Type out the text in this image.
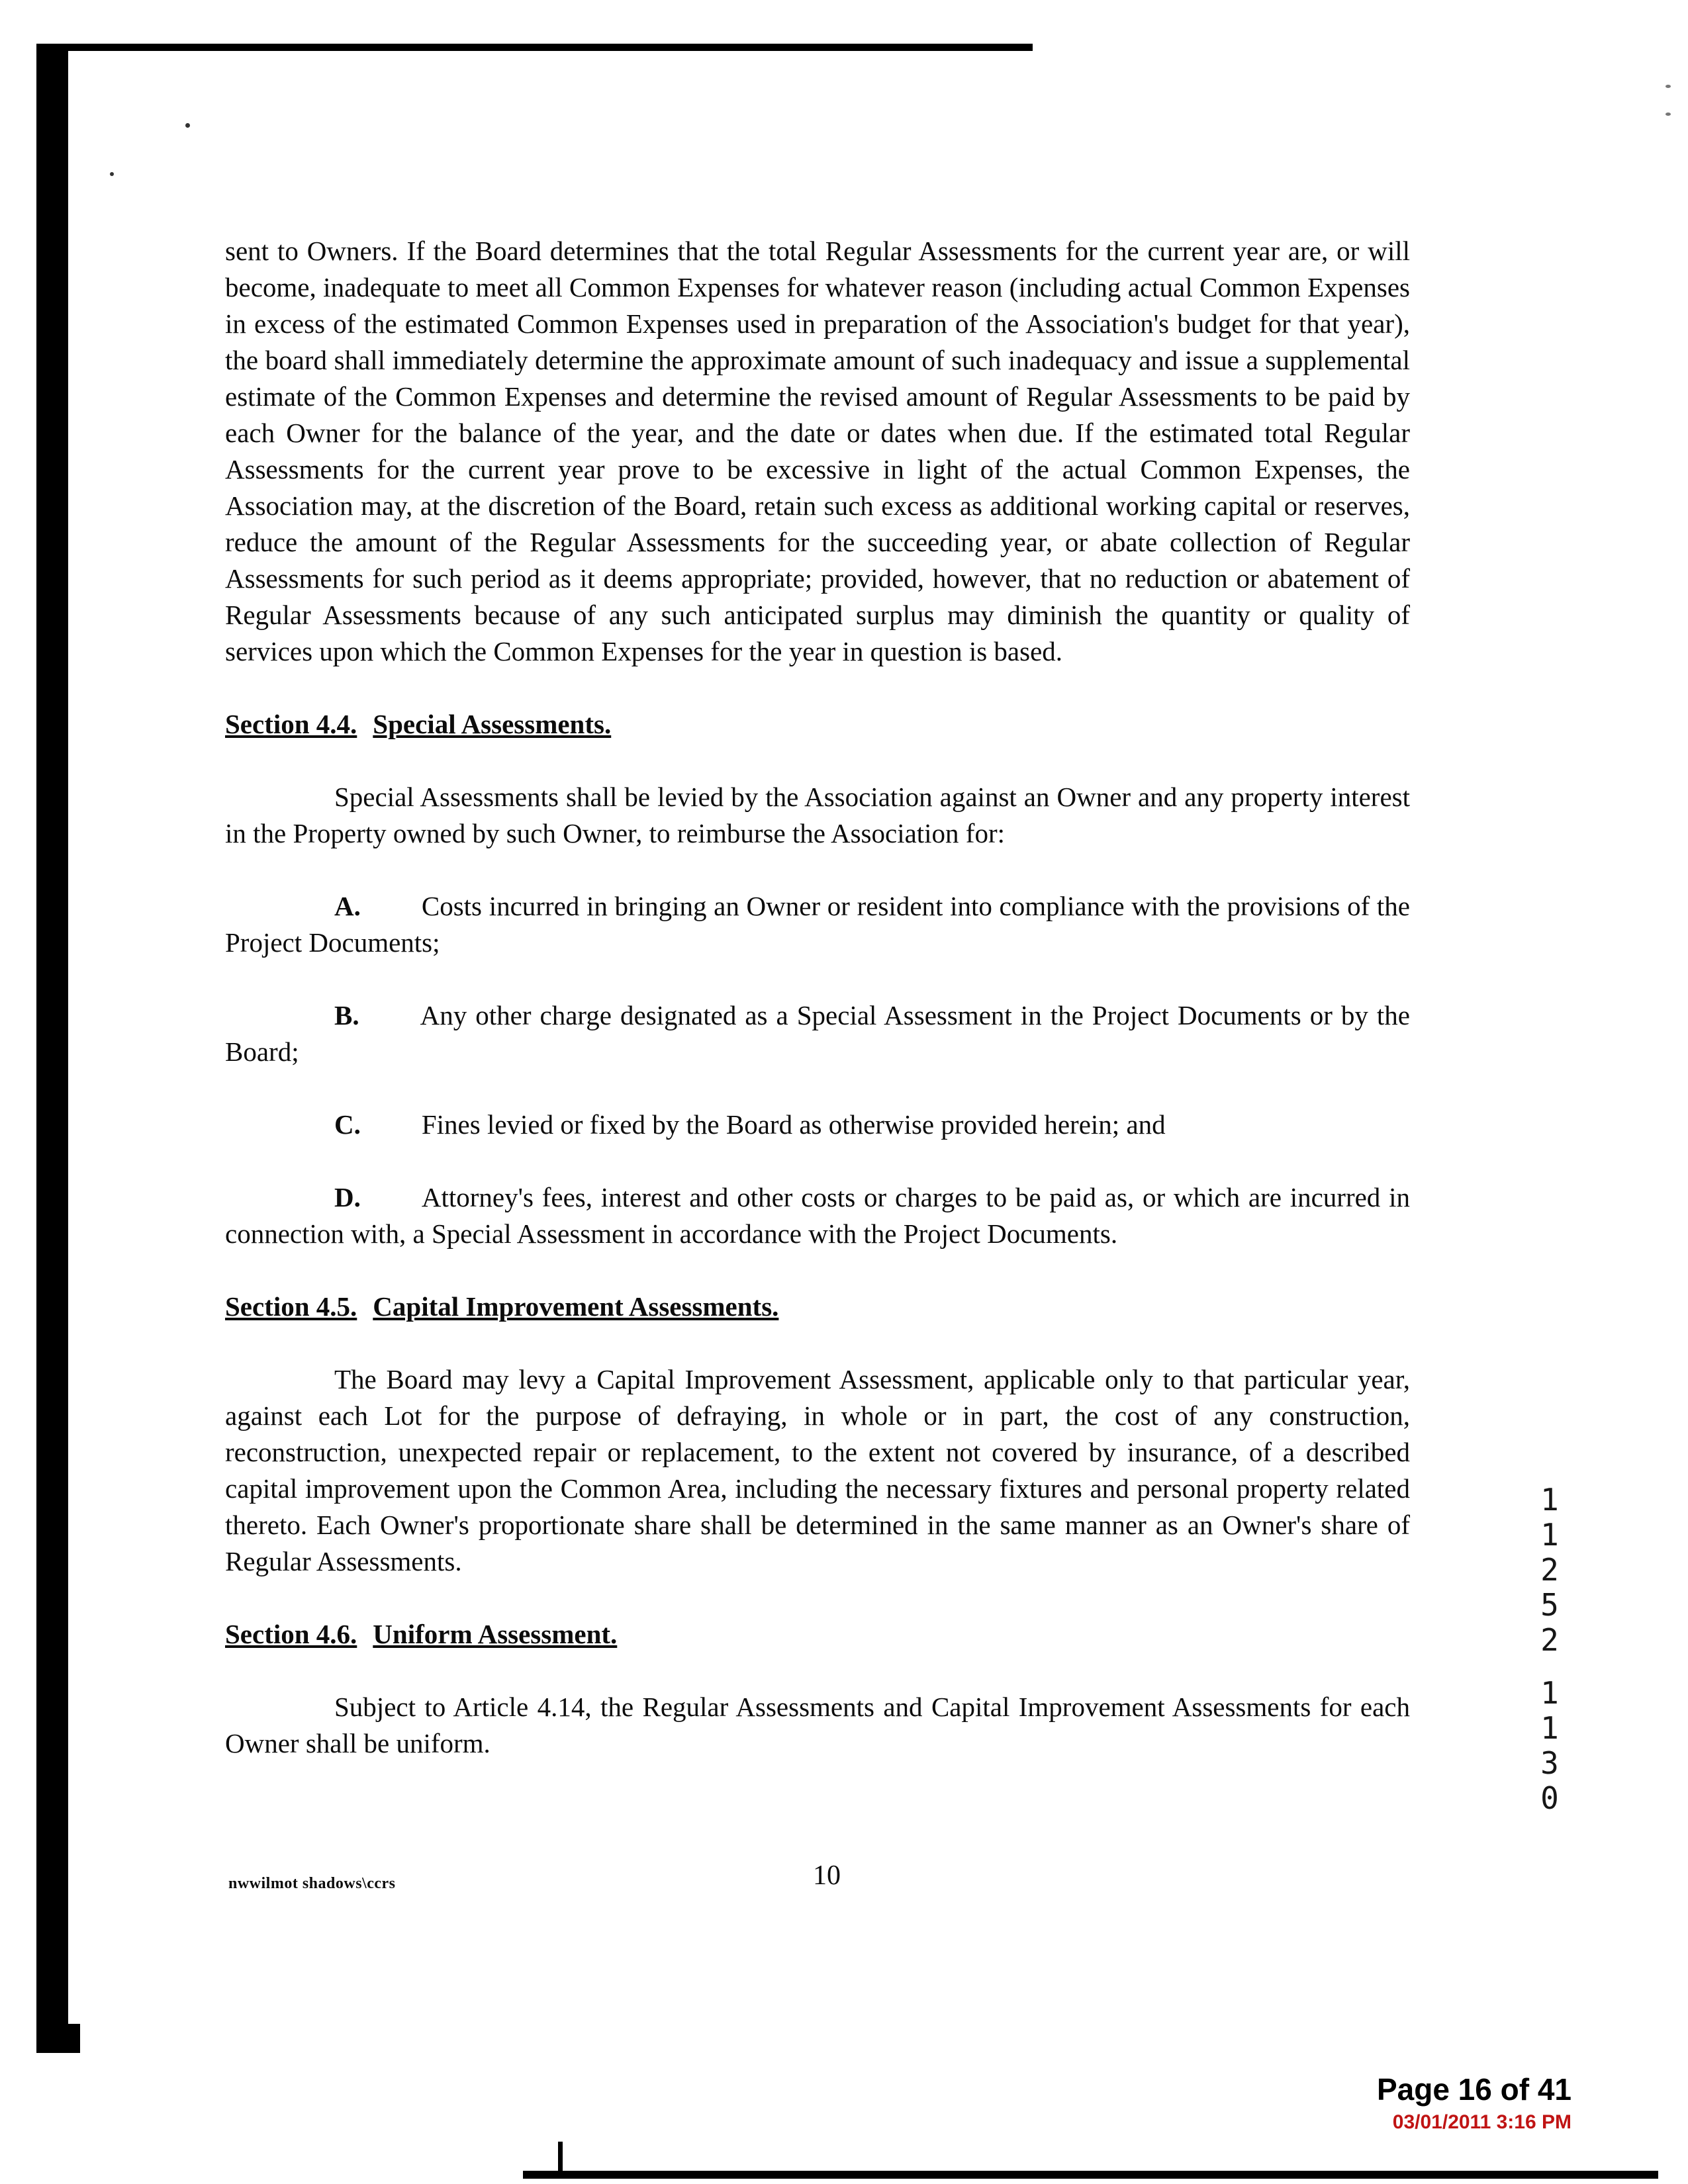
sent to Owners. If the Board determines that the total Regular Assessments for the current year are, or will become, inadequate to meet all Common Expenses for whatever reason (including actual Common Expenses in excess of the estimated Common Expenses used in preparation of the Association's budget for that year), the board shall immediately determine the approximate amount of such inadequacy and issue a supplemental estimate of the Common Expenses and determine the revised amount of Regular Assessments to be paid by each Owner for the balance of the year, and the date or dates when due. If the estimated total Regular Assessments for the current year prove to be excessive in light of the actual Common Expenses, the Association may, at the discretion of the Board, retain such excess as additional working capital or reserves, reduce the amount of the Regular Assessments for the succeeding year, or abate collection of Regular Assessments for such period as it deems appropriate; provided, however, that no reduction or abatement of Regular Assessments because of any such anticipated surplus may diminish the quantity or quality of services upon which the Common Expenses for the year in question is based.

Section 4.4. Special Assessments.

Special Assessments shall be levied by the Association against an Owner and any property interest in the Property owned by such Owner, to reimburse the Association for:

A. Costs incurred in bringing an Owner or resident into compliance with the provisions of the Project Documents;

B. Any other charge designated as a Special Assessment in the Project Documents or by the Board;

C. Fines levied or fixed by the Board as otherwise provided herein; and

D. Attorney's fees, interest and other costs or charges to be paid as, or which are incurred in connection with, a Special Assessment in accordance with the Project Documents.

Section 4.5. Capital Improvement Assessments.

The Board may levy a Capital Improvement Assessment, applicable only to that particular year, against each Lot for the purpose of defraying, in whole or in part, the cost of any construction, reconstruction, unexpected repair or replacement, to the extent not covered by insurance, of a described capital improvement upon the Common Area, including the necessary fixtures and personal property related thereto. Each Owner's proportionate share shall be determined in the same manner as an Owner's share of Regular Assessments.

Section 4.6. Uniform Assessment.

Subject to Article 4.14, the Regular Assessments and Capital Improvement Assessments for each Owner shall be uniform.

nwwilmot shadows\ccrs	10
1
1
2
5
2
1
1
3
0
Page 16 of 41
03/01/2011 3:16 PM
